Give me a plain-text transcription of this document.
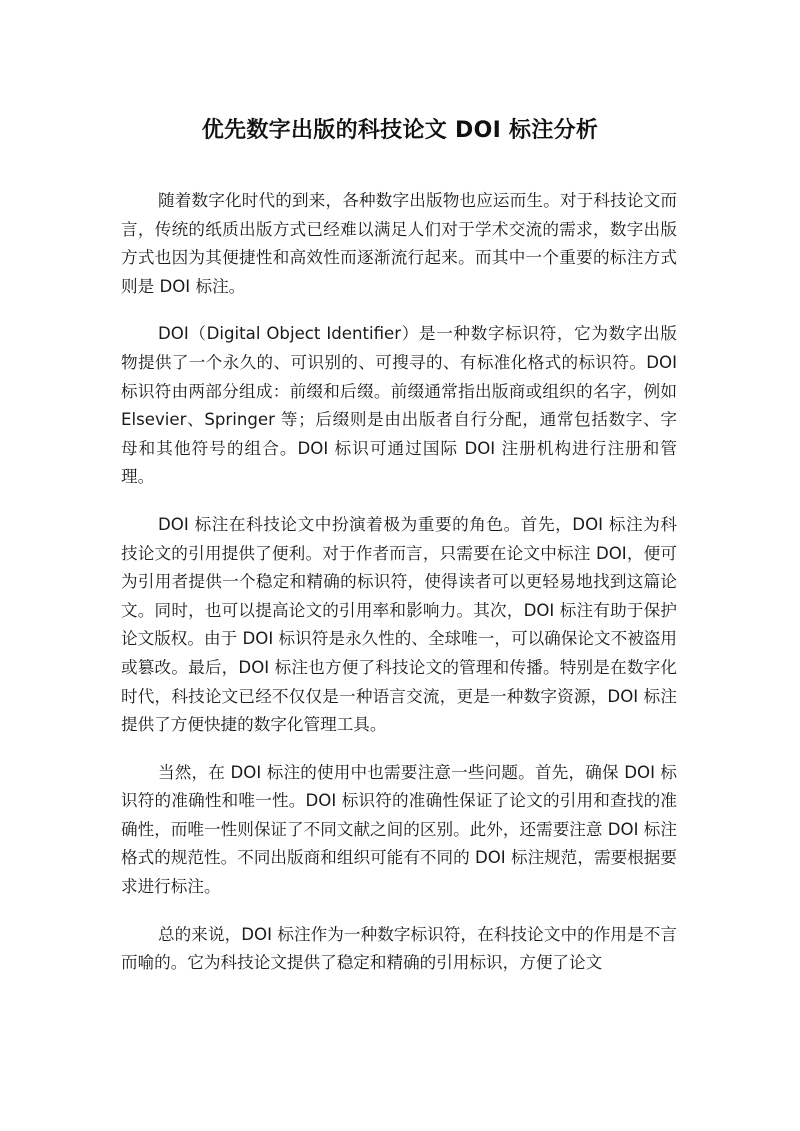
优先数字出版的科技论文 DOI 标注分析

随着数字化时代的到来，各种数字出版物也应运而生。对于科技论文而言，传统的纸质出版方式已经难以满足人们对于学术交流的需求，数字出版方式也因为其便捷性和高效性而逐渐流行起来。而其中一个重要的标注方式则是 DOI 标注。

DOI（Digital Object Identifier）是一种数字标识符，它为数字出版物提供了一个永久的、可识别的、可搜寻的、有标准化格式的标识符。DOI 标识符由两部分组成：前缀和后缀。前缀通常指出版商或组织的名字，例如 Elsevier、Springer 等；后缀则是由出版者自行分配，通常包括数字、字母和其他符号的组合。DOI 标识可通过国际 DOI 注册机构进行注册和管理。

DOI 标注在科技论文中扮演着极为重要的角色。首先，DOI 标注为科技论文的引用提供了便利。对于作者而言，只需要在论文中标注 DOI，便可为引用者提供一个稳定和精确的标识符，使得读者可以更轻易地找到这篇论文。同时，也可以提高论文的引用率和影响力。其次，DOI 标注有助于保护论文版权。由于 DOI 标识符是永久性的、全球唯一，可以确保论文不被盗用或篡改。最后，DOI 标注也方便了科技论文的管理和传播。特别是在数字化时代，科技论文已经不仅仅是一种语言交流，更是一种数字资源，DOI 标注提供了方便快捷的数字化管理工具。

当然，在 DOI 标注的使用中也需要注意一些问题。首先，确保 DOI 标识符的准确性和唯一性。DOI 标识符的准确性保证了论文的引用和查找的准确性，而唯一性则保证了不同文献之间的区别。此外，还需要注意 DOI 标注格式的规范性。不同出版商和组织可能有不同的 DOI 标注规范，需要根据要求进行标注。

总的来说，DOI 标注作为一种数字标识符，在科技论文中的作用是不言而喻的。它为科技论文提供了稳定和精确的引用标识，方便了论文
